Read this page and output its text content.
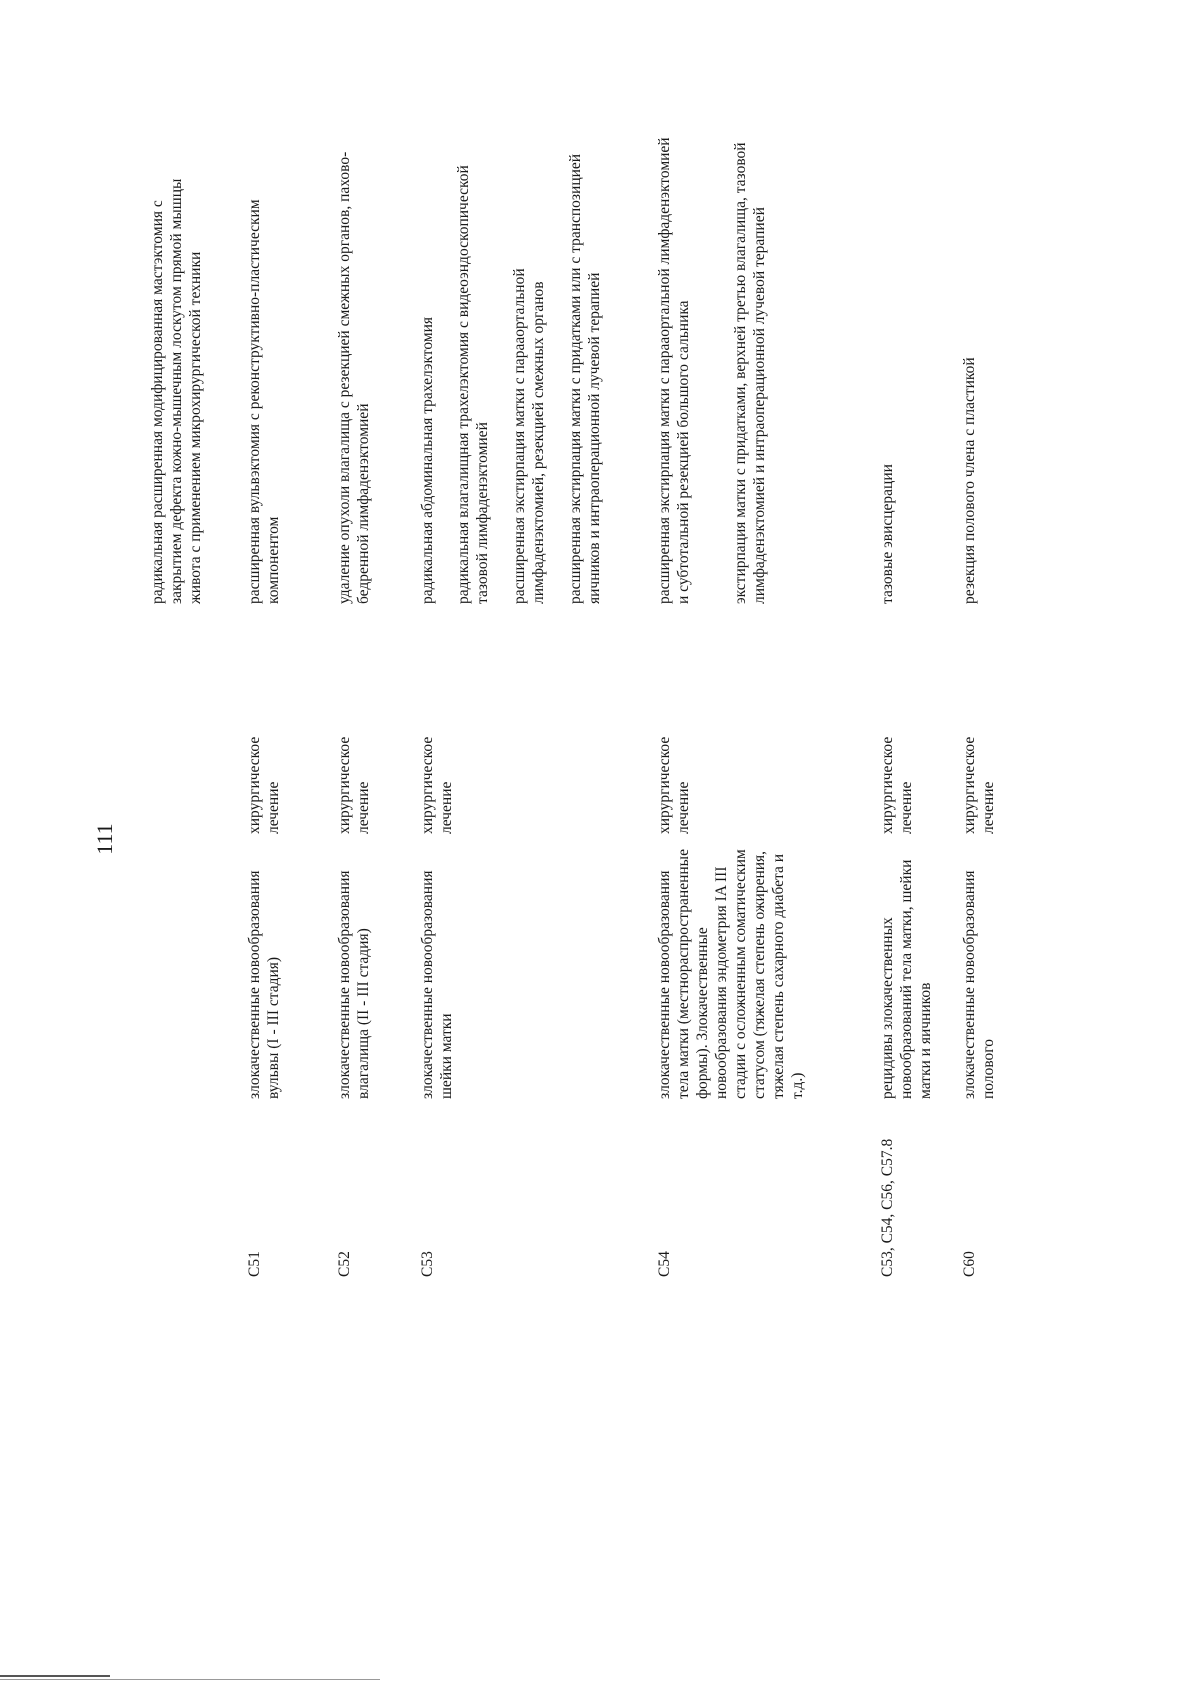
111
радикальная расширенная модифицированная мастэктомия с закрытием дефекта кожно-мышечным лоскутом прямой мышцы живота с применением микрохирургической техники
C51
злокачественные новообразования вульвы (I - III стадия)
хирургическое лечение
расширенная вульвэктомия с реконструктивно-пластическим компонентом
C52
злокачественные новообразования влагалища (II - III стадия)
хирургическое лечение
удаление опухоли влагалища с резекцией смежных органов, пахово-бедренной лимфаденэктомией
C53
злокачественные новообразования шейки матки
хирургическое лечение
радикальная абдоминальная трахелэктомия радикальная влагалищная трахелэктомия с видеоэндоскопической тазовой лимфаденэктомией расширенная экстирпация матки с парааортальной лимфаденэктомией, резекцией смежных органов расширенная экстирпация матки с придатками или с транспозицией яичников и интраоперационной лучевой терапией
C54
злокачественные новообразования тела матки (местнораспространенные формы). Злокачественные новообразования эндометрия IA III стадии с осложненным соматическим статусом (тяжелая степень ожирения, тяжелая степень сахарного диабета и т.д.)
хирургическое лечение
расширенная экстирпация матки с парааортальной лимфаденэктомией и субтотальной резекцией большого сальника	экстирпация матки с придатками, верхней третью влагалища, тазовой лимфаденэктомией и интраоперационной лучевой терапией
C53, C54, C56, C57.8
рецидивы злокачественных новообразований тела матки, шейки матки и яичников
хирургическое лечение
тазовые эвисцерации
C60
злокачественные новообразования полового
хирургическое лечение
резекция полового члена с пластикой
